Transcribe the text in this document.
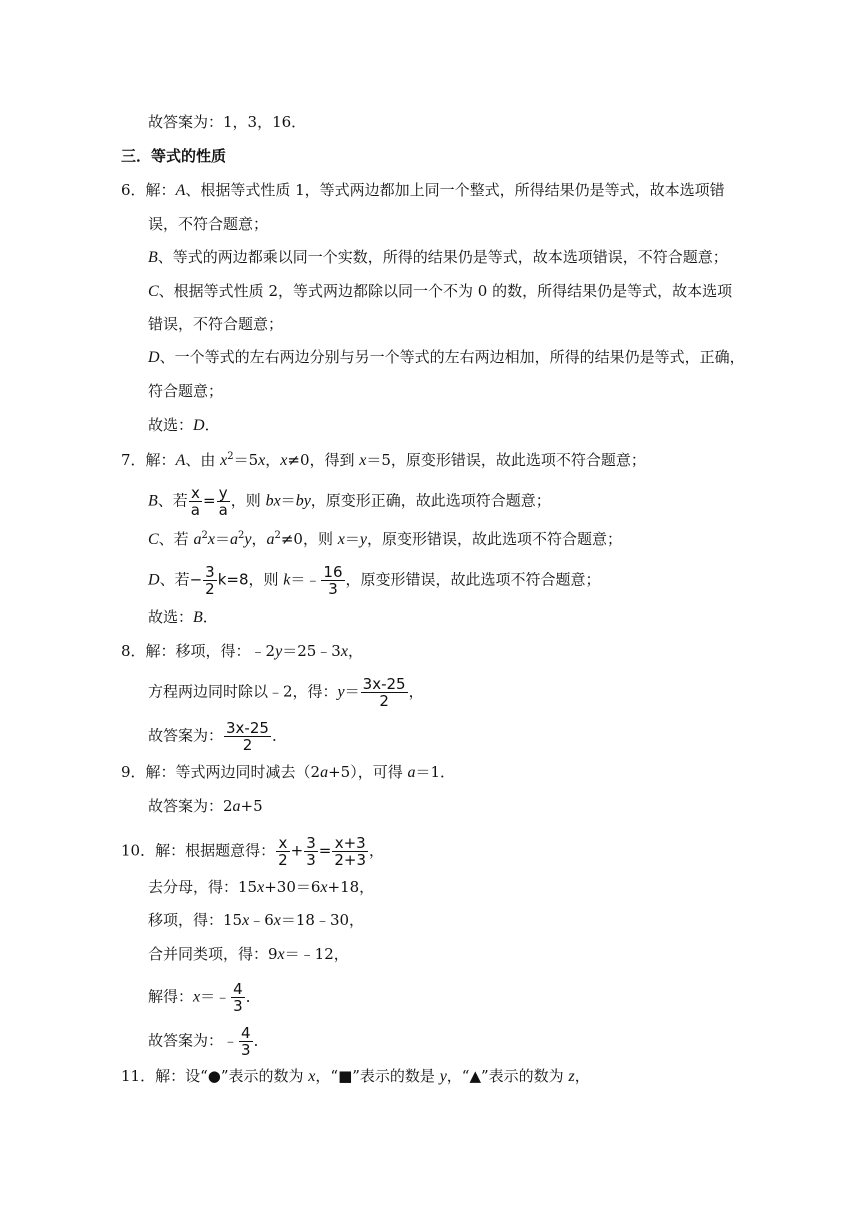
故答案为：1，3，16．
三．等式的性质
6．解：A、根据等式性质 1，等式两边都加上同一个整式，所得结果仍是等式，故本选项错
误，不符合题意；
B、等式的两边都乘以同一个实数，所得的结果仍是等式，故本选项错误，不符合题意；
C、根据等式性质 2，等式两边都除以同一个不为 0 的数，所得结果仍是等式，故本选项
错误，不符合题意；
D、一个等式的左右两边分别与另一个等式的左右两边相加，所得的结果仍是等式，正确，
符合题意；
故选：D．
7．解：A、由 $x^2=5x$，x≠0，得到 x＝5，原变形错误，故此选项不符合题意；
B、若 $\frac{x}{a} = \frac{y}{a}$ ，则 bx＝by，原变形正确，故此选项符合题意；
C、若 $a^2x=a^2y$，$a^2\ne 0$，则 x＝y，原变形错误，故此选项不符合题意；
D、若− $\frac{3}{2} k=8$，则 k＝﹣ $\frac{16}{3}$ ，原变形错误，故此选项不符合题意；
故选：B．
8．解：移项，得：﹣2y＝25﹣3x，
方程两边同时除以﹣2，得：$y= \frac{3x-25}{2}$ ，
故答案为： $\frac{3x-25}{2}$ ．
9．解：等式两边同时减去（2a+5），可得 a＝1．
故答案为：2a+5
10．解：根据题意得： $\frac{x}{2} + \frac{3}{3} = \frac{x+3}{2+3}$ ，
去分母，得：15x+30＝6x+18，
移项，得：15x﹣6x＝18﹣30，
合并同类项，得：9x＝﹣12，
解得：x＝﹣ $\frac{4}{3}$ ．
故答案为：﹣ $\frac{4}{3}$ ．
11．解：设“●”表示的数为 x，“■”表示的数是 y，“▲”表示的数为 z，
